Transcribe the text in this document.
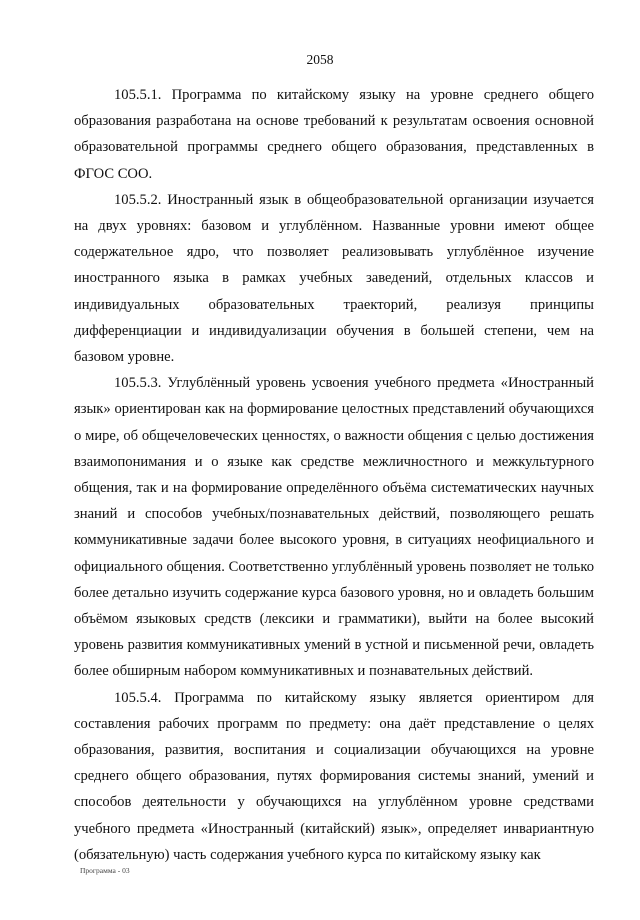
2058

105.5.1. Программа по китайскому языку на уровне среднего общего образования разработана на основе требований к результатам освоения основной образовательной программы среднего общего образования, представленных в ФГОС СОО.

105.5.2. Иностранный язык в общеобразовательной организации изучается на двух уровнях: базовом и углублённом. Названные уровни имеют общее содержательное ядро, что позволяет реализовывать углублённое изучение иностранного языка в рамках учебных заведений, отдельных классов и индивидуальных образовательных траекторий, реализуя принципы дифференциации и индивидуализации обучения в большей степени, чем на базовом уровне.

105.5.3. Углублённый уровень усвоения учебного предмета «Иностранный язык» ориентирован как на формирование целостных представлений обучающихся о мире, об общечеловеческих ценностях, о важности общения с целью достижения взаимопонимания и о языке как средстве межличностного и межкультурного общения, так и на формирование определённого объёма систематических научных знаний и способов учебных/познавательных действий, позволяющего решать коммуникативные задачи более высокого уровня, в ситуациях неофициального и официального общения. Соответственно углублённый уровень позволяет не только более детально изучить содержание курса базового уровня, но и овладеть большим объёмом языковых средств (лексики и грамматики), выйти на более высокий уровень развития коммуникативных умений в устной и письменной речи, овладеть более обширным набором коммуникативных и познавательных действий.

105.5.4. Программа по китайскому языку является ориентиром для составления рабочих программ по предмету: она даёт представление о целях образования, развития, воспитания и социализации обучающихся на уровне среднего общего образования, путях формирования системы знаний, умений и способов деятельности у обучающихся на углублённом уровне средствами учебного предмета «Иностранный (китайский) язык», определяет инвариантную (обязательную) часть содержания учебного курса по китайскому языку как

Программа - 03
